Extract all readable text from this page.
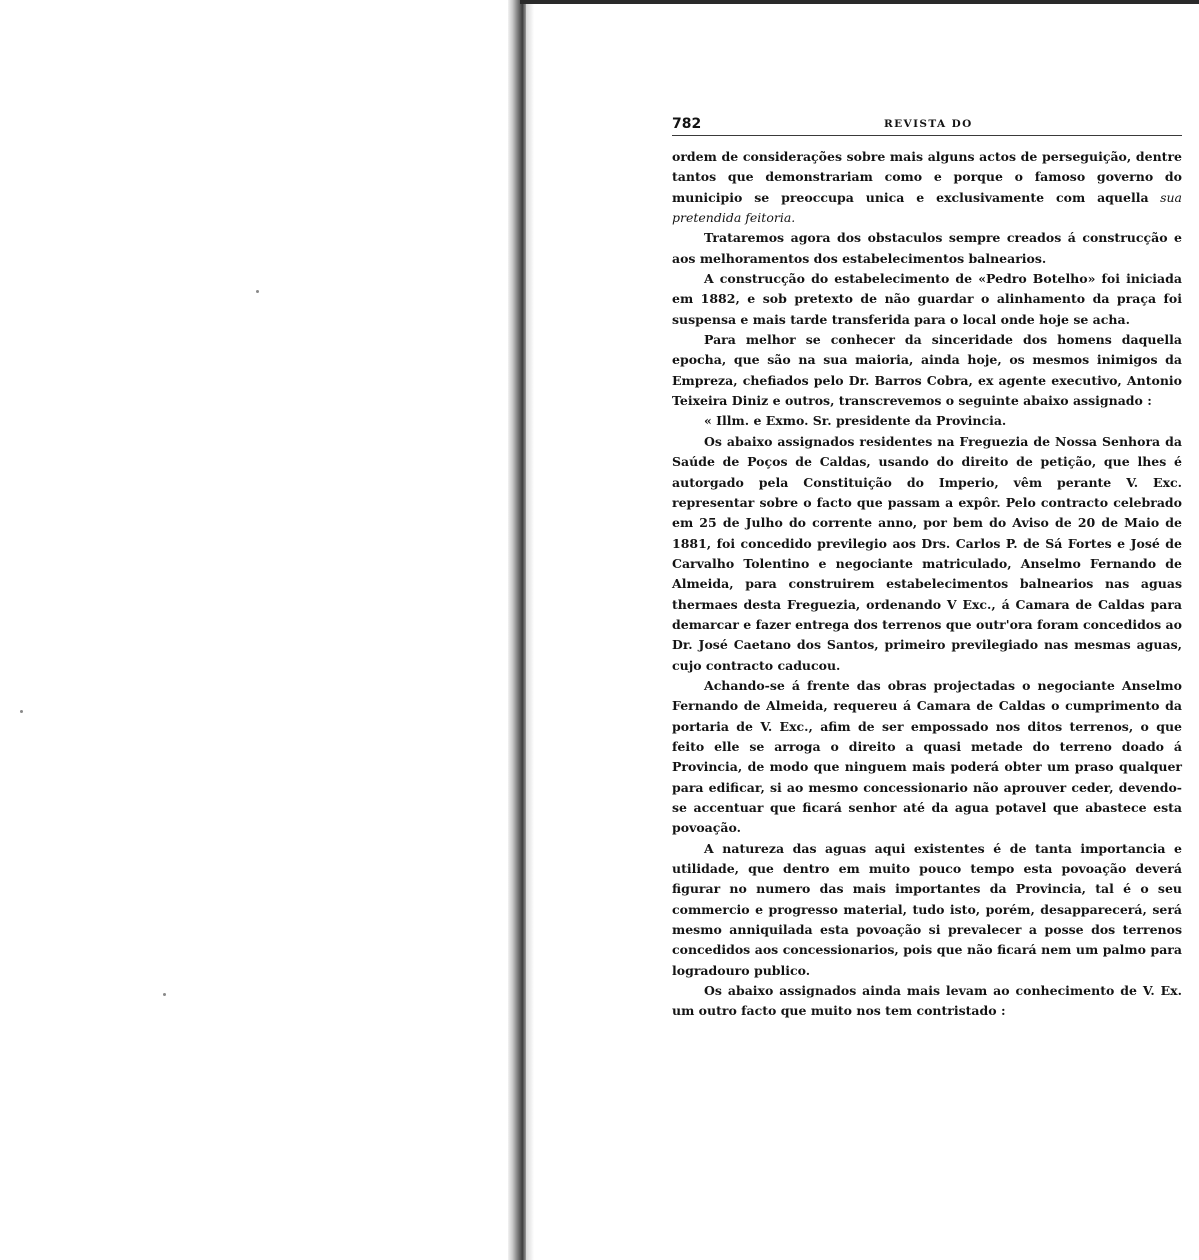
782	REVISTA DO

ordem de considerações sobre mais alguns actos de perseguição, dentre tantos que demonstrariam como e porque o famoso governo do municipio se preoccupa unica e exclusivamente com aquella sua pretendida feitoria.

Trataremos agora dos obstaculos sempre creados á construcção e aos melhoramentos dos estabelecimentos balnearios.

A construcção do estabelecimento de «Pedro Botelho» foi iniciada em 1882, e sob pretexto de não guardar o alinhamento da praça foi suspensa e mais tarde transferida para o local onde hoje se acha.

Para melhor se conhecer da sinceridade dos homens daquella epocha, que são na sua maioria, ainda hoje, os mesmos inimigos da Empreza, chefiados pelo Dr. Barros Cobra, ex agente executivo, Antonio Teixeira Diniz e outros, transcrevemos o seguinte abaixo assignado :

« Illm. e Exmo. Sr. presidente da Provincia.

Os abaixo assignados residentes na Freguezia de Nossa Senhora da Saúde de Poços de Caldas, usando do direito de petição, que lhes é autorgado pela Constituição do Imperio, vêm perante V. Exc. representar sobre o facto que passam a expôr. Pelo contracto celebrado em 25 de Julho do corrente anno, por bem do Aviso de 20 de Maio de 1881, foi concedido previlegio aos Drs. Carlos P. de Sá Fortes e José de Carvalho Tolentino e negociante matriculado, Anselmo Fernando de Almeida, para construirem estabelecimentos balnearios nas aguas thermaes desta Freguezia, ordenando V Exc., á Camara de Caldas para demarcar e fazer entrega dos terrenos que outr'ora foram concedidos ao Dr. José Caetano dos Santos, primeiro previlegiado nas mesmas aguas, cujo contracto caducou.

Achando-se á frente das obras projectadas o negociante Anselmo Fernando de Almeida, requereu á Camara de Caldas o cumprimento da portaria de V. Exc., afim de ser empossado nos ditos terrenos, o que feito elle se arroga o direito a quasi metade do terreno doado á Provincia, de modo que ninguem mais poderá obter um praso qualquer para edificar, si ao mesmo concessionario não aprouver ceder, devendo-se accentuar que ficará senhor até da agua potavel que abastece esta povoação.

A natureza das aguas aqui existentes é de tanta importancia e utilidade, que dentro em muito pouco tempo esta povoação deverá figurar no numero das mais importantes da Provincia, tal é o seu commercio e progresso material, tudo isto, porém, desapparecerá, será mesmo anniquilada esta povoação si prevalecer a posse dos terrenos concedidos aos concessionarios, pois que não ficará nem um palmo para logradouro publico.

Os abaixo assignados ainda mais levam ao conhecimento de V. Ex. um outro facto que muito nos tem contristado :
